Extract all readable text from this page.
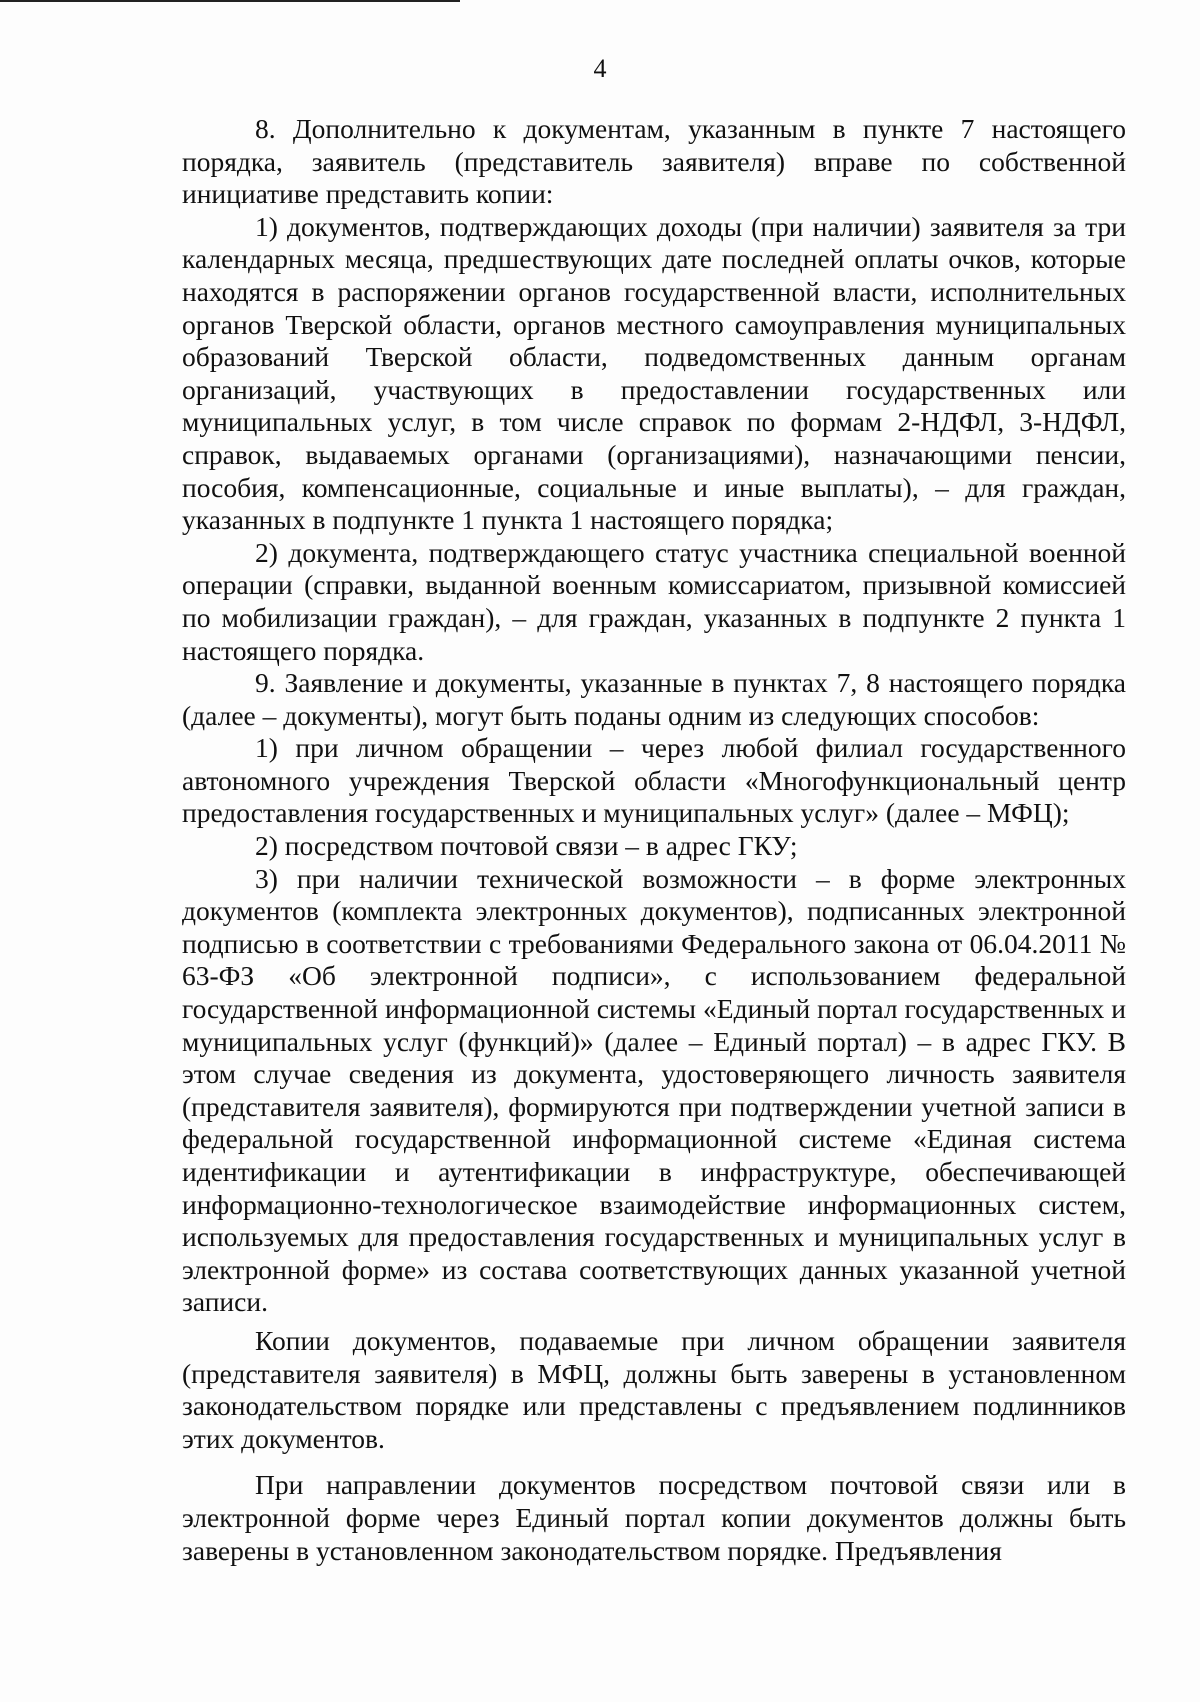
4

8. Дополнительно к документам, указанным в пункте 7 настоящего порядка, заявитель (представитель заявителя) вправе по собственной инициативе представить копии:

1) документов, подтверждающих доходы (при наличии) заявителя за три календарных месяца, предшествующих дате последней оплаты очков, которые находятся в распоряжении органов государственной власти, исполнительных органов Тверской области, органов местного самоуправления муниципальных образований Тверской области, подведомственных данным органам организаций, участвующих в предоставлении государственных или муниципальных услуг, в том числе справок по формам 2-НДФЛ, 3-НДФЛ, справок, выдаваемых органами (организациями), назначающими пенсии, пособия, компенсационные, социальные и иные выплаты), – для граждан, указанных в подпункте 1 пункта 1 настоящего порядка;

2) документа, подтверждающего статус участника специальной военной операции (справки, выданной военным комиссариатом, призывной комиссией по мобилизации граждан), – для граждан, указанных в подпункте 2 пункта 1 настоящего порядка.

9. Заявление и документы, указанные в пунктах 7, 8 настоящего порядка (далее – документы), могут быть поданы одним из следующих способов:

1) при личном обращении – через любой филиал государственного автономного учреждения Тверской области «Многофункциональный центр предоставления государственных и муниципальных услуг» (далее – МФЦ);

2) посредством почтовой связи – в адрес ГКУ;

3) при наличии технической возможности – в форме электронных документов (комплекта электронных документов), подписанных электронной подписью в соответствии с требованиями Федерального закона от 06.04.2011 № 63-ФЗ «Об электронной подписи», с использованием федеральной государственной информационной системы «Единый портал государственных и муниципальных услуг (функций)» (далее – Единый портал) – в адрес ГКУ. В этом случае сведения из документа, удостоверяющего личность заявителя (представителя заявителя), формируются при подтверждении учетной записи в федеральной государственной информационной системе «Единая система идентификации и аутентификации в инфраструктуре, обеспечивающей информационно-технологическое взаимодействие информационных систем, используемых для предоставления государственных и муниципальных услуг в электронной форме» из состава соответствующих данных указанной учетной записи.

Копии документов, подаваемые при личном обращении заявителя (представителя заявителя) в МФЦ, должны быть заверены в установленном законодательством порядке или представлены с предъявлением подлинников этих документов.

При направлении документов посредством почтовой связи или в электронной форме через Единый портал копии документов должны быть заверены в установленном законодательством порядке. Предъявления
